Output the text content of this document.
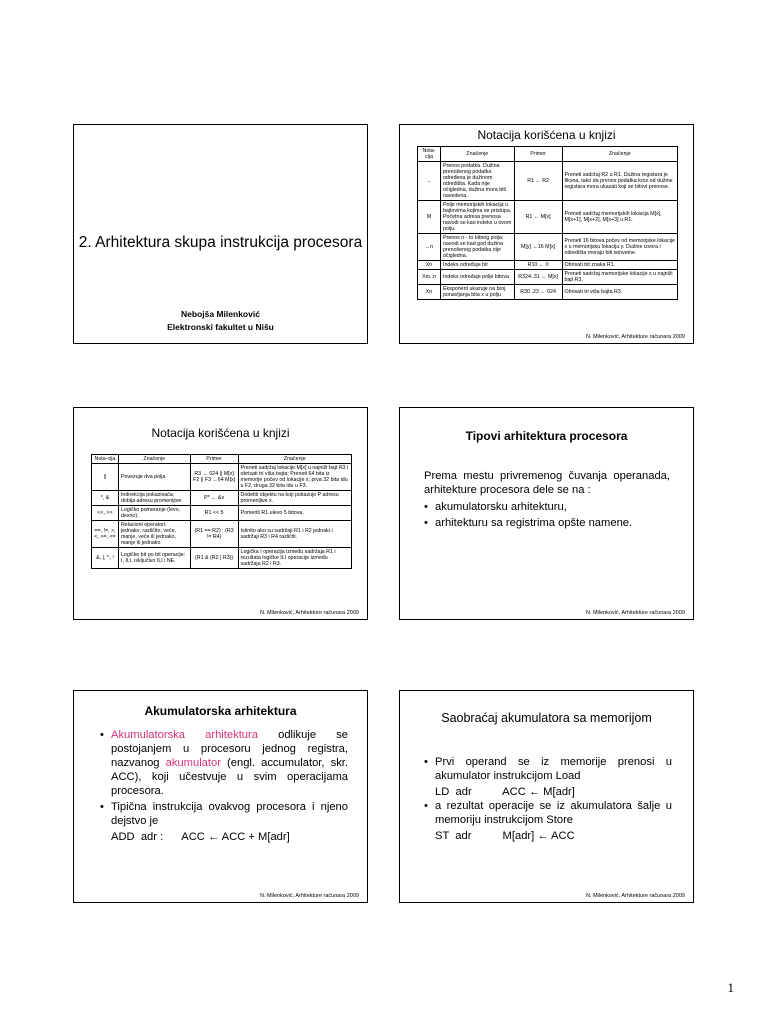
2. Arhitektura skupa instrukcija procesora
Nebojša Milenković
Elektronski fakultet u Nišu
Notacija korišćena u knjizi
Nota-cija	Značenje	Primer	Značenje
←	Prenos podatka. Dužina prenošenog podatka određena je dužinom odredišta. Kada nije očigledna, dužina mora biti navedena.	R1 ← R2	Preneti sadržaj R2 u R1. Dužina registara je fiksna, tako da prenos podatka kroz od dužine registara mora ukazati koji se bitovi prenose.
M	Polje memorijskih lokacija u bajtovima kojima se pristupa. Početna adresa prenosa navodi se kao indeks u ovom polju.	R1 ← M[x]	Preneti sadržaj memorijskih lokacija M[x], M[x+1], M[x+2], M[x+3] u R1.
←n	Prenos n - to bitnog polja; navodi se kad god dužina prenošenog podatka nije očigledna.	M[y] ←16 M[x]	Preneti 16 bitova počev od memorijske lokacije x u memorijsku lokaciju y. Dužine izvora i odredišta moraju biti istovetne.
Xn	Indeks određuje bit	R10 ← 0	Obrisati bit znaka R1.
Xm..n	Indeks određuje polje bitova	R324..31 ← M[x]	Preneti sadržaj memorijske lokacije x u najniži bajt R3.
Xn	Eksponent ukazuje na broj ponavljanja bita x u polju	R30..23 ← 024	Obrisati tri viša bajta R3.
N. Milenković, Arhitekture računara 2009
Notacija korišćena u knjizi
Nota-cija	Značenje	Primer	Značenje
||	Povezuje dva polja	R3 ← 024 || M[x] F2 || F3 ←64 M[x]	Preneti sadržaj lokacije M[x] u najniži bajt R3 i obrisati tri viša bajta; Preneti 64 bita iz memorije počev od lokacije x; prva 32 bita idu u F2, druga 32 bita idu u F3.
*, &	Indirekcija pokazivača; dobija adresu promenljive	P* ← &x	Dodeliti objektu na koji pokazuje P adresu promenljive x.
<<, >>	Logičko pomeranje (levo, desno).	R1 << 5	Pomeriti R1 ulevo 5 bitova.
==, !=, >, <, >=, <=	Relacioni operatori: jednako, različito, veće, manje, veće ili jednako, manje ili jednako	(R1 == R2) ; (R3 != R4)	Istinito ako su sadržaji R1 i R2 jednaki i sadržaji R3 i R4 različiti.
&, |, ^, !	Logičke bit po bit operacije: I, ILI, isključivo ILI i NE.	(R1 & (R2 | R3))	Logička I operacija između sadržaja R1 i rezultata logičke ILI operacije između sadržaja R2 i R3.
N. Milenković, Arhitekture računara 2009
Tipovi arhitektura procesora
Prema mestu privremenog čuvanja operanada, arhitekture procesora dele se na :
• akumulatorsku arhitekturu,
• arhitekturu sa registrima opšte namene.
N. Milenković, Arhitekture računara 2009
Akumulatorska arhitektura
• Akumulatorska arhitektura odlikuje se postojanjem u procesoru jednog registra, nazvanog akumulator (engl. accumulator, skr. ACC), koji učestvuje u svim operacijama procesora.
• Tipična instrukcija ovakvog procesora i njeno dejstvo je
ADD  adr :      ACC ← ACC + M[adr]
N. Milenković, Arhitekture računara 2009
Saobraćaj akumulatora sa memorijom
• Prvi operand se iz memorije prenosi u akumulator instrukcijom Load
LD  adr          ACC ← M[adr]
• a rezultat operacije se iz akumulatora šalje u memoriju instrukcijom Store
ST  adr          M[adr] ← ACC
N. Milenković, Arhitekture računara 2009
1
